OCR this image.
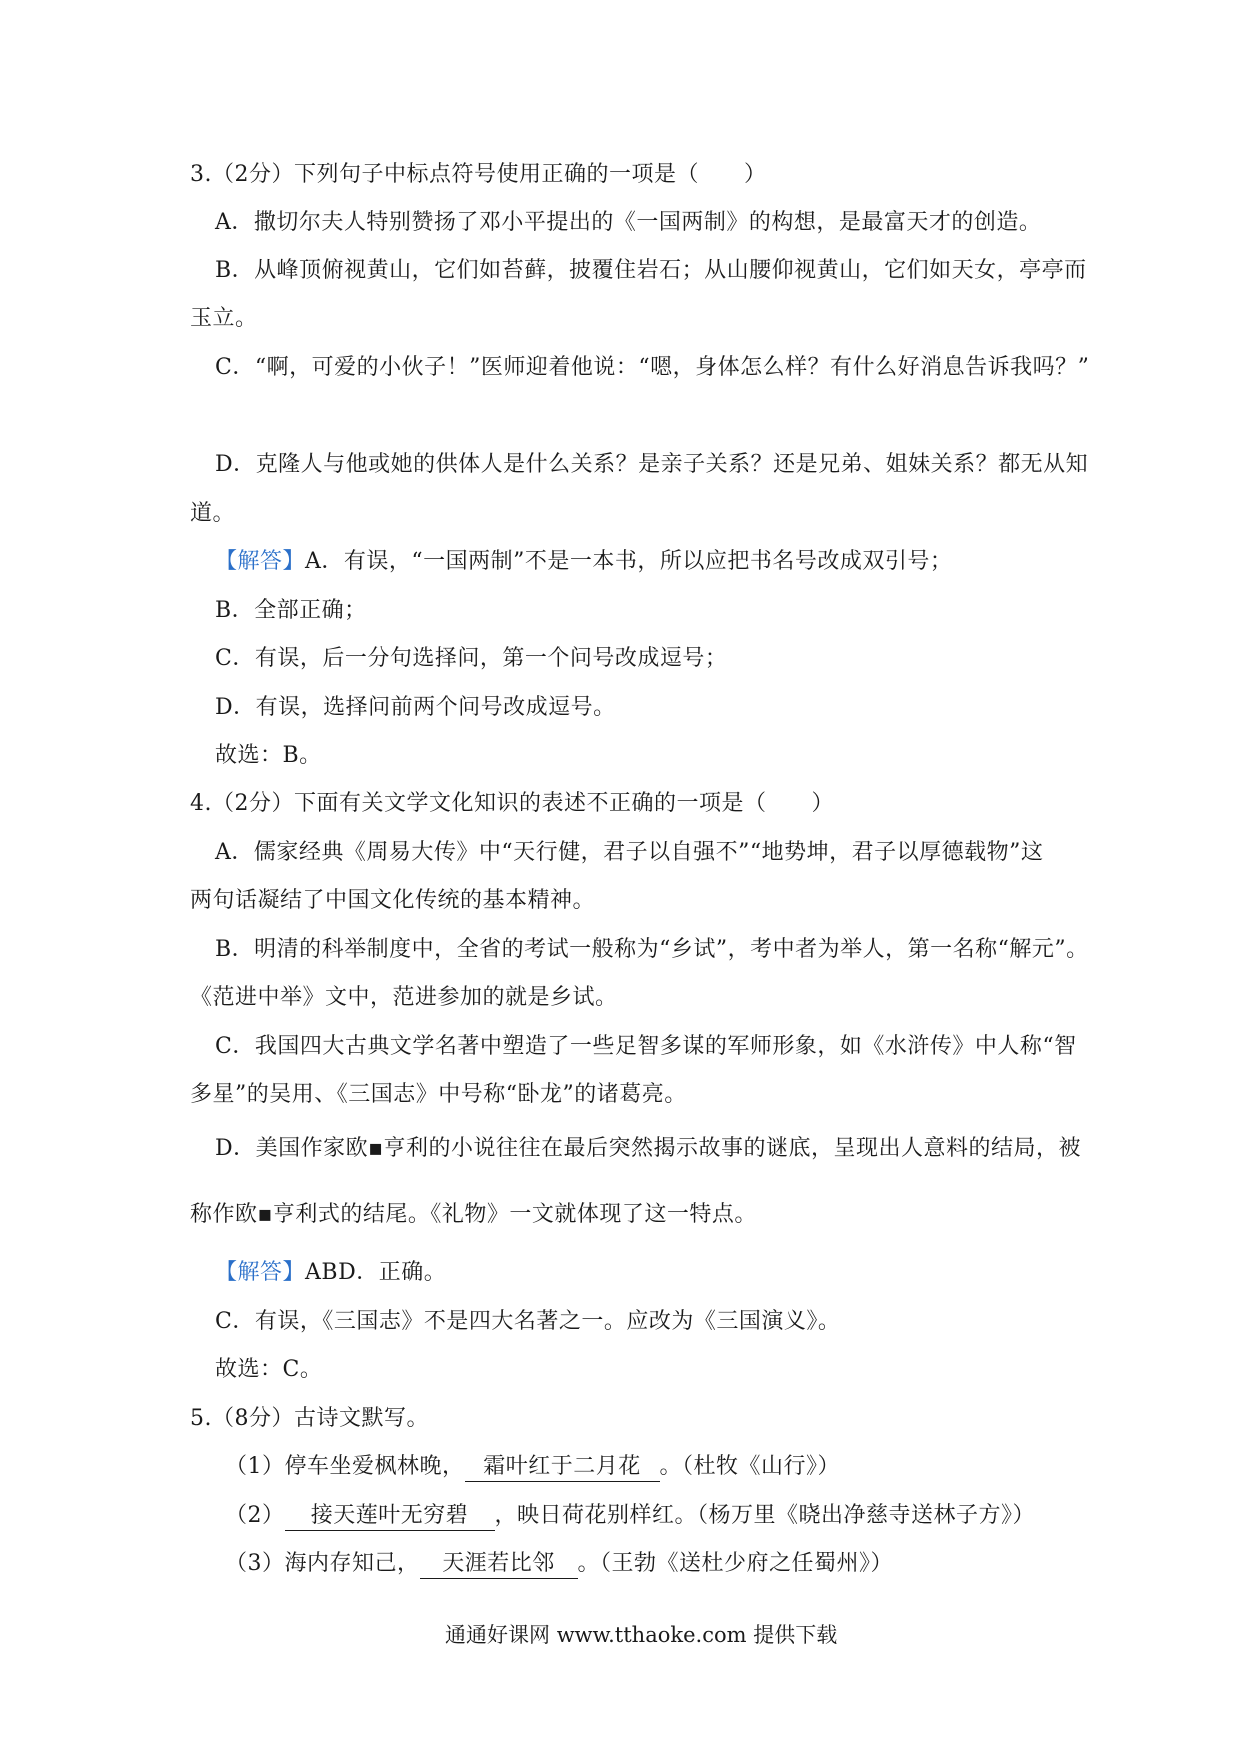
3.（2分）下列句子中标点符号使用正确的一项是（　　）
A．撒切尔夫人特别赞扬了邓小平提出的《一国两制》的构想，是最富天才的创造。
B．从峰顶俯视黄山，它们如苔藓，披覆住岩石；从山腰仰视黄山，它们如天女，亭亭而
玉立。
C．“啊，可爱的小伙子！”医师迎着他说：“嗯，身体怎么样？有什么好消息告诉我吗？”
D．克隆人与他或她的供体人是什么关系？是亲子关系？还是兄弟、姐妹关系？都无从知
道。
【解答】A．有误，“一国两制”不是一本书，所以应把书名号改成双引号；
B．全部正确；
C．有误，后一分句选择问，第一个问号改成逗号；
D．有误，选择问前两个问号改成逗号。
故选：B。
4.（2分）下面有关文学文化知识的表述不正确的一项是（　　）
A．儒家经典《周易大传》中“天行健，君子以自强不”“地势坤，君子以厚德载物”这
两句话凝结了中国文化传统的基本精神。
B．明清的科举制度中，全省的考试一般称为“乡试”，考中者为举人，第一名称“解元”。
《范进中举》文中，范进参加的就是乡试。
C．我国四大古典文学名著中塑造了一些足智多谋的军师形象，如《水浒传》中人称“智
多星”的吴用、《三国志》中号称“卧龙”的诸葛亮。
D．美国作家欧▪亨利的小说往往在最后突然揭示故事的谜底，呈现出人意料的结局，被
称作欧▪亨利式的结尾。《礼物》一文就体现了这一特点。
【解答】ABD．正确。
C．有误，《三国志》不是四大名著之一。应改为《三国演义》。
故选：C。
5.（8分）古诗文默写。
（1）停车坐爱枫林晚， 霜叶红于二月花 。（杜牧《山行》）
（2） 接天莲叶无穷碧 ，映日荷花别样红。（杨万里《晓出净慈寺送林子方》）
（3）海内存知己， 天涯若比邻 。（王勃《送杜少府之任蜀州》）
通通好课网 www.tthaoke.com 提供下载
